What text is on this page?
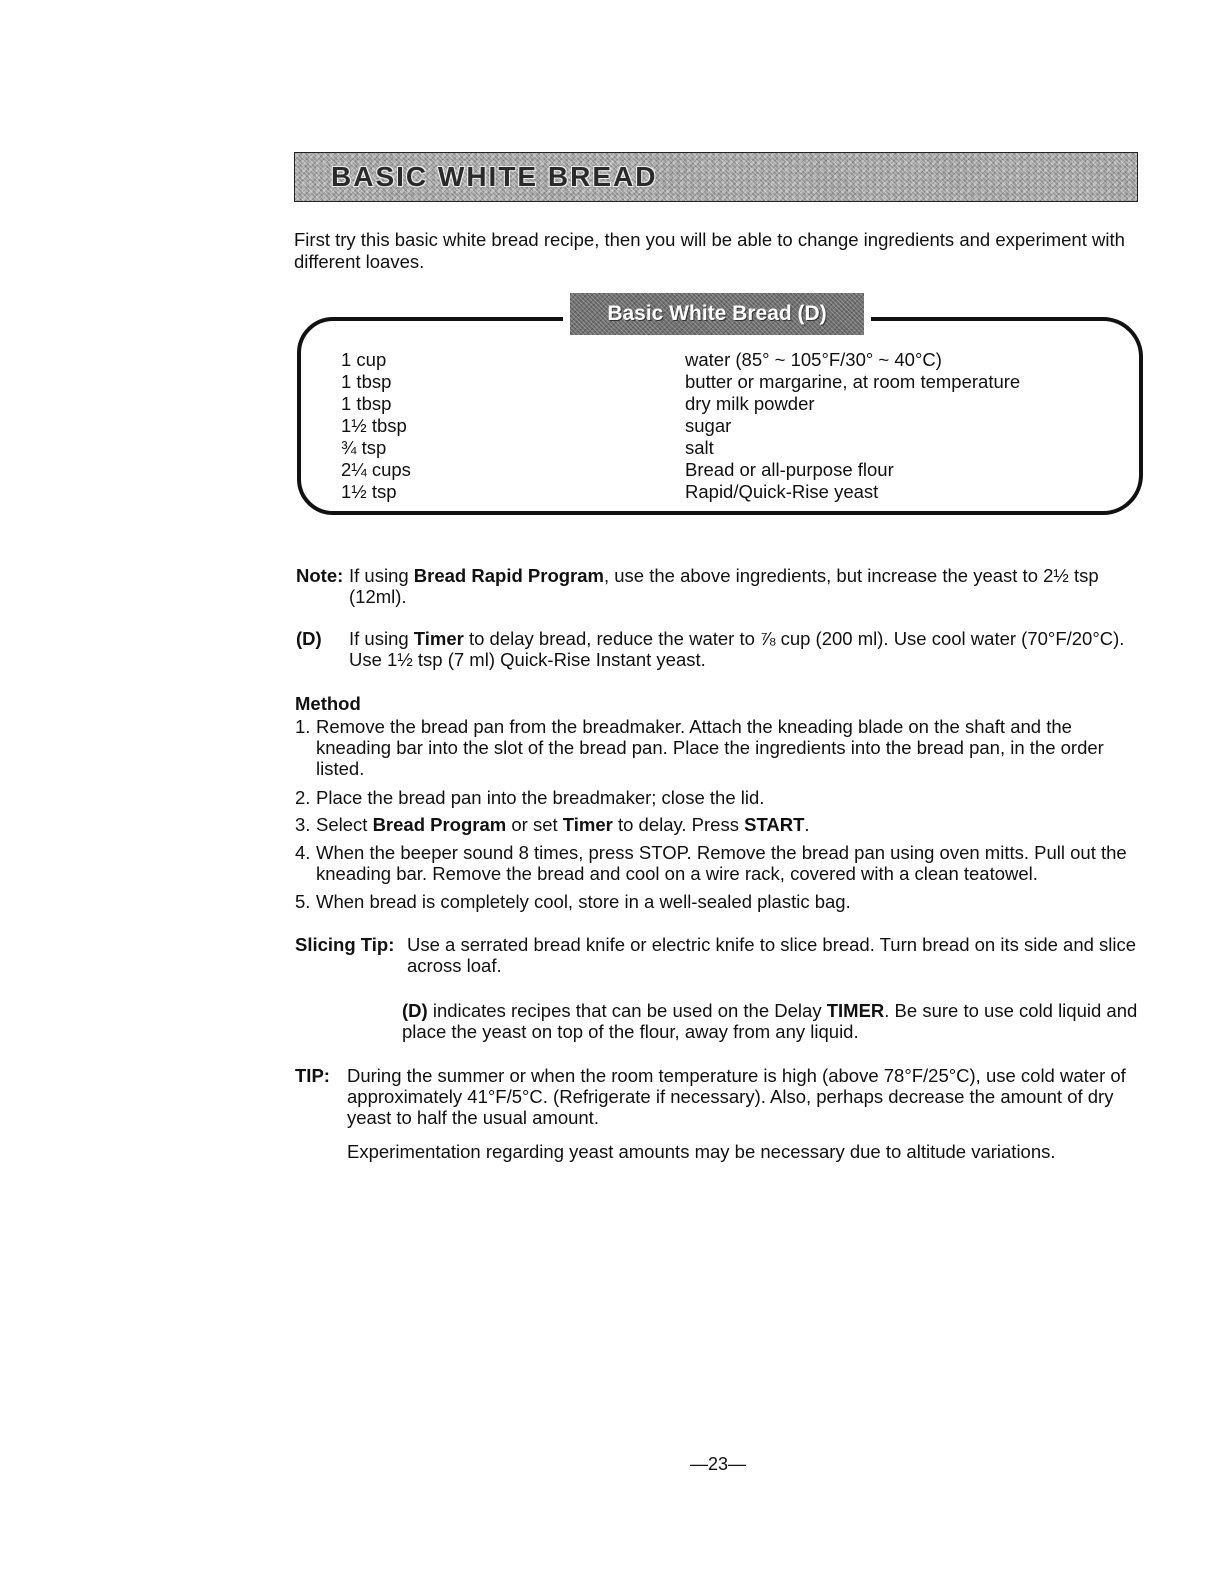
BASIC WHITE BREAD
First try this basic white bread recipe, then you will be able to change ingredients and experiment with different loaves.
Basic White Bread (D)
1 cup	water (85° ~ 105°F/30° ~ 40°C)
1 tbsp	butter or margarine, at room temperature
1 tbsp	dry milk powder
1½ tbsp	sugar
¾ tsp	salt
2¼ cups	Bread or all-purpose flour
1½ tsp	Rapid/Quick-Rise yeast
Note: If using Bread Rapid Program, use the above ingredients, but increase the yeast to 2½ tsp (12ml).
(D) If using Timer to delay bread, reduce the water to ⅞ cup (200 ml). Use cool water (70°F/20°C). Use 1½ tsp (7 ml) Quick-Rise Instant yeast.
Method
1. Remove the bread pan from the breadmaker. Attach the kneading blade on the shaft and the kneading bar into the slot of the bread pan. Place the ingredients into the bread pan, in the order listed.
2. Place the bread pan into the breadmaker; close the lid.
3. Select Bread Program or set Timer to delay. Press START.
4. When the beeper sound 8 times, press STOP. Remove the bread pan using oven mitts. Pull out the kneading bar. Remove the bread and cool on a wire rack, covered with a clean teatowel.
5. When bread is completely cool, store in a well-sealed plastic bag.
Slicing Tip: Use a serrated bread knife or electric knife to slice bread. Turn bread on its side and slice across loaf.
(D) indicates recipes that can be used on the Delay TIMER. Be sure to use cold liquid and place the yeast on top of the flour, away from any liquid.
TIP: During the summer or when the room temperature is high (above 78°F/25°C), use cold water of approximately 41°F/5°C. (Refrigerate if necessary). Also, perhaps decrease the amount of dry yeast to half the usual amount.
Experimentation regarding yeast amounts may be necessary due to altitude variations.
—23—
